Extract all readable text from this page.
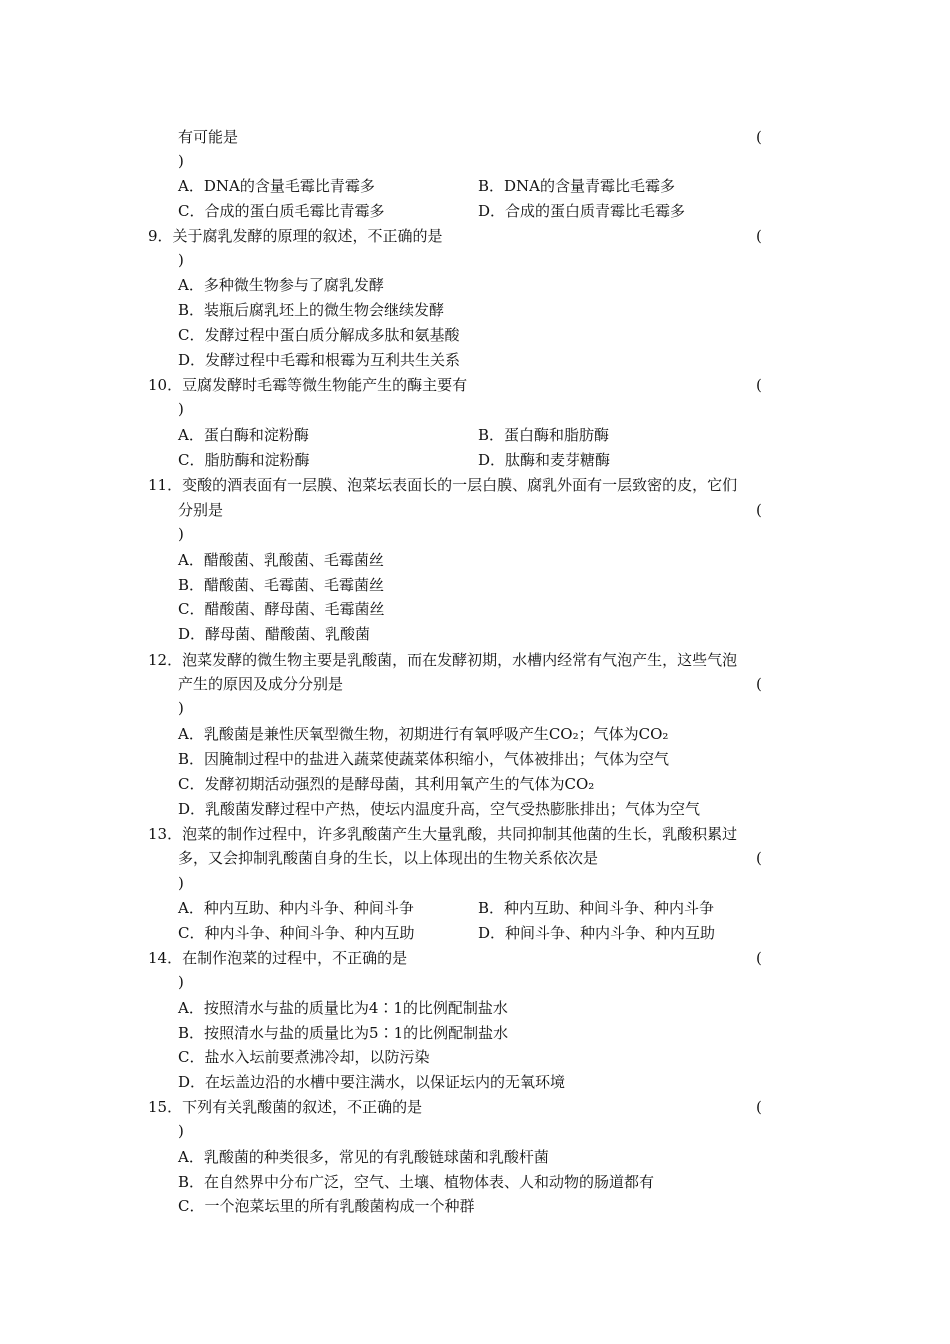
有可能是	(
)
A．DNA的含量毛霉比青霉多	B．DNA的含量青霉比毛霉多
C．合成的蛋白质毛霉比青霉多	D．合成的蛋白质青霉比毛霉多
9．关于腐乳发酵的原理的叙述，不正确的是	(
)
A．多种微生物参与了腐乳发酵
B．装瓶后腐乳坯上的微生物会继续发酵
C．发酵过程中蛋白质分解成多肽和氨基酸
D．发酵过程中毛霉和根霉为互利共生关系
10．豆腐发酵时毛霉等微生物能产生的酶主要有	(
)
A．蛋白酶和淀粉酶	B．蛋白酶和脂肪酶
C．脂肪酶和淀粉酶	D．肽酶和麦芽糖酶
11．变酸的酒表面有一层膜、泡菜坛表面长的一层白膜、腐乳外面有一层致密的皮，它们
分别是	(
)
A．醋酸菌、乳酸菌、毛霉菌丝
B．醋酸菌、毛霉菌、毛霉菌丝
C．醋酸菌、酵母菌、毛霉菌丝
D．酵母菌、醋酸菌、乳酸菌
12．泡菜发酵的微生物主要是乳酸菌，而在发酵初期，水槽内经常有气泡产生，这些气泡
产生的原因及成分分别是	(
)
A．乳酸菌是兼性厌氧型微生物，初期进行有氧呼吸产生CO₂；气体为CO₂
B．因腌制过程中的盐进入蔬菜使蔬菜体积缩小，气体被排出；气体为空气
C．发酵初期活动强烈的是酵母菌，其利用氧产生的气体为CO₂
D．乳酸菌发酵过程中产热，使坛内温度升高，空气受热膨胀排出；气体为空气
13．泡菜的制作过程中，许多乳酸菌产生大量乳酸，共同抑制其他菌的生长，乳酸积累过
多，又会抑制乳酸菌自身的生长，以上体现出的生物关系依次是	(
)
A．种内互助、种内斗争、种间斗争	B．种内互助、种间斗争、种内斗争
C．种内斗争、种间斗争、种内互助	D．种间斗争、种内斗争、种内互助
14．在制作泡菜的过程中，不正确的是	(
)
A．按照清水与盐的质量比为4∶1的比例配制盐水
B．按照清水与盐的质量比为5∶1的比例配制盐水
C．盐水入坛前要煮沸冷却，以防污染
D．在坛盖边沿的水槽中要注满水，以保证坛内的无氧环境
15．下列有关乳酸菌的叙述，不正确的是	(
)
A．乳酸菌的种类很多，常见的有乳酸链球菌和乳酸杆菌
B．在自然界中分布广泛，空气、土壤、植物体表、人和动物的肠道都有
C．一个泡菜坛里的所有乳酸菌构成一个种群
